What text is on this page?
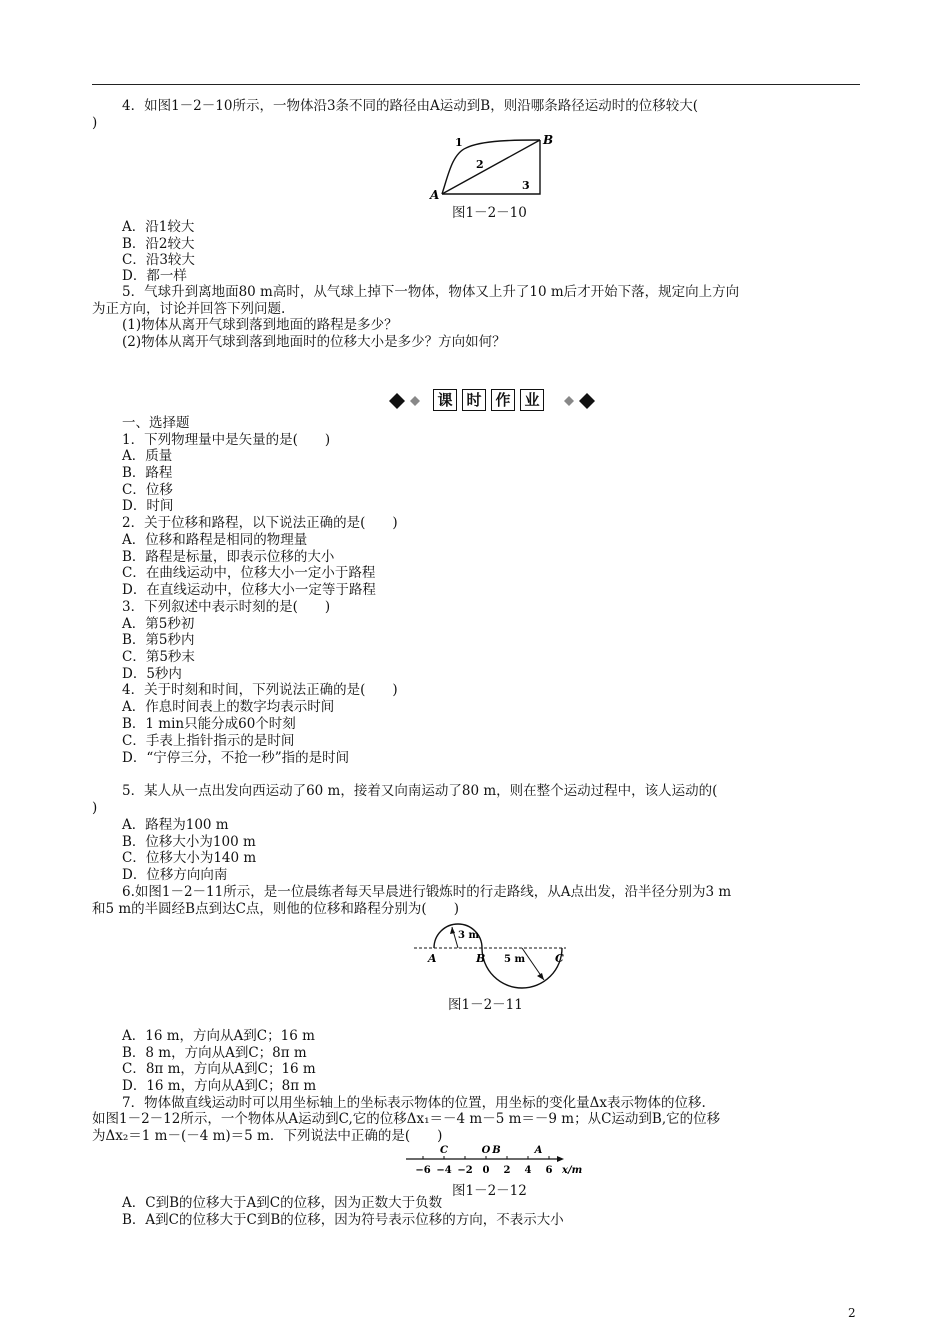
4．如图1－2－10所示，一物体沿3条不同的路径由A运动到B，则沿哪条路径运动时的位移较大(
)
A
B
1
2
3
图1－2－10
A．沿1较大
B．沿2较大
C．沿3较大
D．都一样
5．气球升到离地面80 m高时，从气球上掉下一物体，物体又上升了10 m后才开始下落，规定向上方向
为正方向，讨论并回答下列问题.
(1)物体从离开气球到落到地面的路程是多少？
(2)物体从离开气球到落到地面时的位移大小是多少？方向如何？
课 时 作 业
一、选择题
1．下列物理量中是矢量的是(　　)
A．质量
B．路程
C．位移
D．时间
2．关于位移和路程，以下说法正确的是(　　)
A．位移和路程是相同的物理量
B．路程是标量，即表示位移的大小
C．在曲线运动中，位移大小一定小于路程
D．在直线运动中，位移大小一定等于路程
3．下列叙述中表示时刻的是(　　)
A．第5秒初
B．第5秒内
C．第5秒末
D．5秒内
4．关于时刻和时间，下列说法正确的是(　　)
A．作息时间表上的数字均表示时间
B．1 min只能分成60个时刻
C．手表上指针指示的是时间
D．“宁停三分，不抢一秒”指的是时间
5．某人从一点出发向西运动了60 m，接着又向南运动了80 m，则在整个运动过程中，该人运动的(
)
A．路程为100 m
B．位移大小为100 m
C．位移大小为140 m
D．位移方向向南
6.如图1－2－11所示，是一位晨练者每天早晨进行锻炼时的行走路线，从A点出发，沿半径分别为3 m
和5 m的半圆经B点到达C点，则他的位移和路程分别为(　　)
3 m
5 m
A	B	C
图1－2－11
A．16 m，方向从A到C；16 m
B．8 m，方向从A到C；8π m
C．8π m，方向从A到C；16 m
D．16 m，方向从A到C；8π m
7．物体做直线运动时可以用坐标轴上的坐标表示物体的位置，用坐标的变化量Δx表示物体的位移.
如图1－2－12所示，一个物体从A运动到C,它的位移Δx₁＝－4 m－5 m＝－9 m；从C运动到B,它的位移
为Δx₂＝1 m－(－4 m)＝5 m．下列说法中正确的是(　　)
−6 −4 −2 0 2 4 6
C	O B	A
x/m
图1－2－12
A．C到B的位移大于A到C的位移，因为正数大于负数
B．A到C的位移大于C到B的位移，因为符号表示位移的方向，不表示大小
2
